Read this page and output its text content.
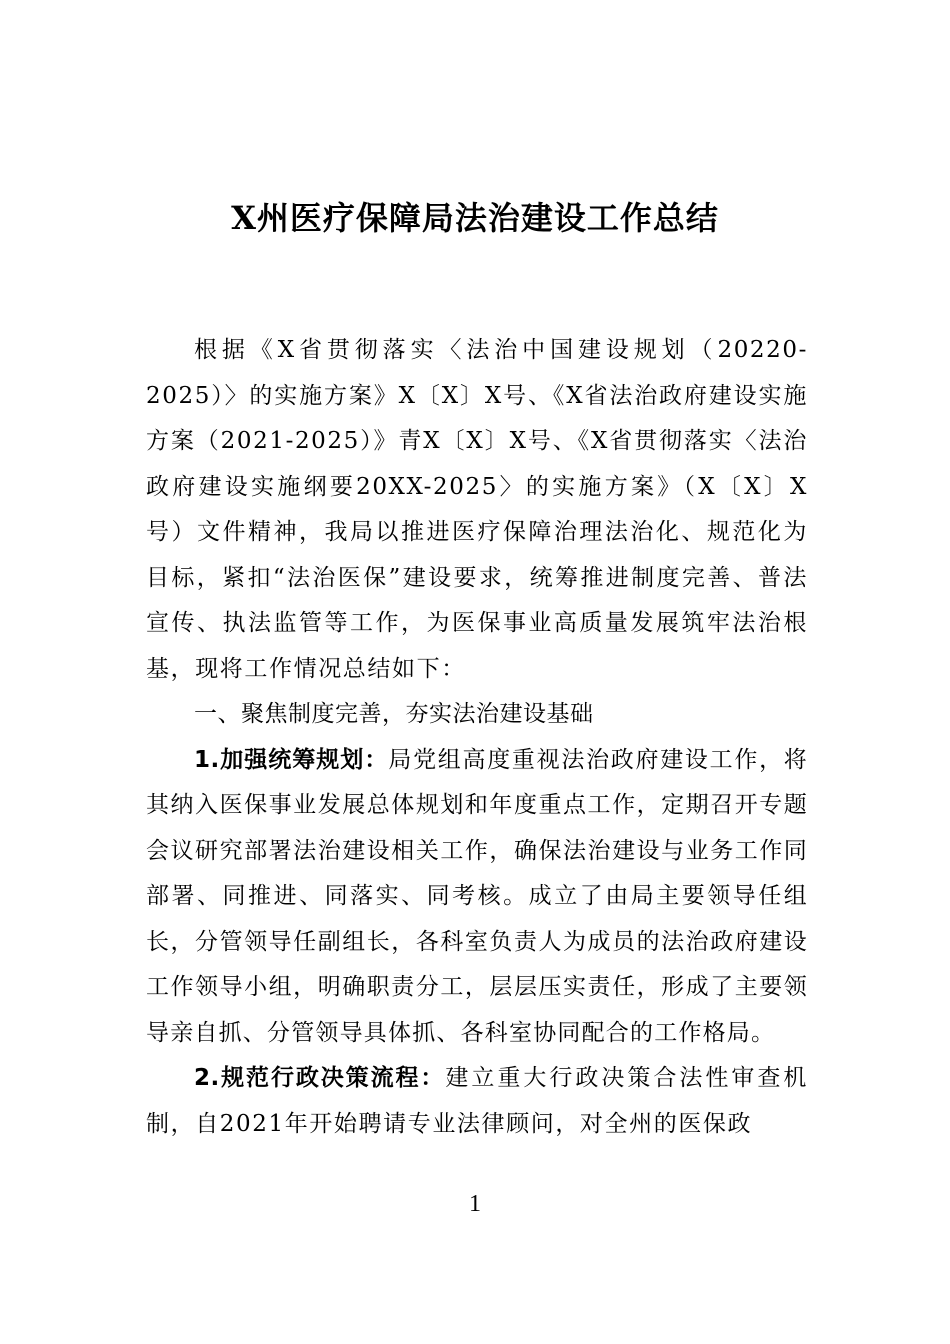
X州医疗保障局法治建设工作总结

根据《X省贯彻落实〈法治中国建设规划（20220-2025）〉的实施方案》X〔X〕X号、《X省法治政府建设实施方案（2021-2025）》青X〔X〕X号、《X省贯彻落实〈法治政府建设实施纲要20XX-2025〉的实施方案》（X〔X〕X号）文件精神，我局以推进医疗保障治理法治化、规范化为目标，紧扣“法治医保”建设要求，统筹推进制度完善、普法宣传、执法监管等工作，为医保事业高质量发展筑牢法治根基，现将工作情况总结如下：

一、聚焦制度完善，夯实法治建设基础

1.加强统筹规划：局党组高度重视法治政府建设工作，将其纳入医保事业发展总体规划和年度重点工作，定期召开专题会议研究部署法治建设相关工作，确保法治建设与业务工作同部署、同推进、同落实、同考核。成立了由局主要领导任组长，分管领导任副组长，各科室负责人为成员的法治政府建设工作领导小组，明确职责分工，层层压实责任，形成了主要领导亲自抓、分管领导具体抓、各科室协同配合的工作格局。

2.规范行政决策流程：建立重大行政决策合法性审查机制，自2021年开始聘请专业法律顾问，对全州的医保政

1
